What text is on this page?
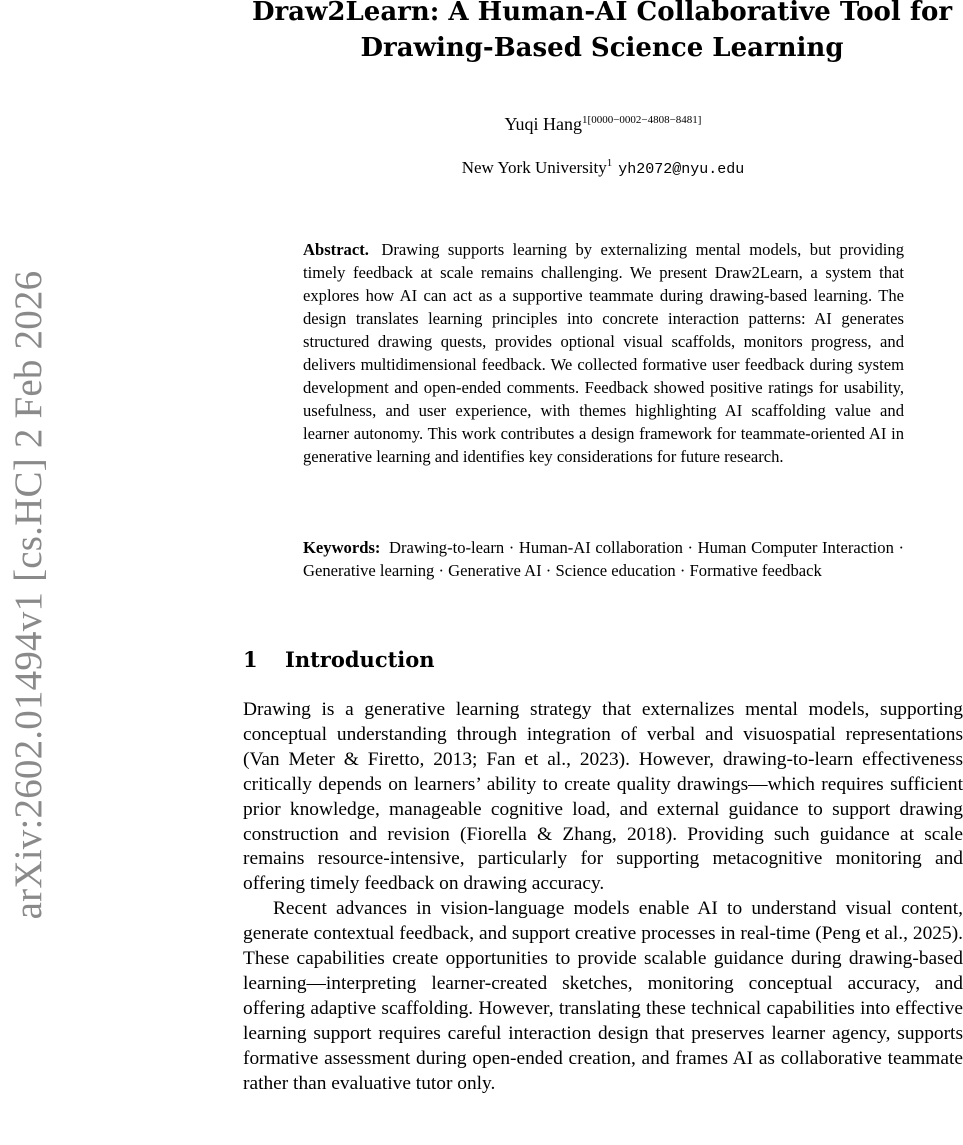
arXiv:2602.01494v1 [cs.HC] 2 Feb 2026
Draw2Learn: A Human-AI Collaborative Tool for Drawing-Based Science Learning
Yuqi Hang$^{1[0000-0002-4808-8481]}$
New York University$^1$ yh2072@nyu.edu
Abstract. Drawing supports learning by externalizing mental models, but providing timely feedback at scale remains challenging. We present Draw2Learn, a system that explores how AI can act as a supportive teammate during drawing-based learning. The design translates learning principles into concrete interaction patterns: AI generates structured drawing quests, provides optional visual scaffolds, monitors progress, and delivers multidimensional feedback. We collected formative user feedback during system development and open-ended comments. Feedback showed positive ratings for usability, usefulness, and user experience, with themes highlighting AI scaffolding value and learner autonomy. This work contributes a design framework for teammate-oriented AI in generative learning and identifies key considerations for future research.
Keywords: Drawing-to-learn · Human-AI collaboration · Human Computer Interaction · Generative learning · Generative AI · Science education · Formative feedback
1 Introduction

Drawing is a generative learning strategy that externalizes mental models, supporting conceptual understanding through integration of verbal and visuospatial representations (Van Meter & Firetto, 2013; Fan et al., 2023). However, drawing-to-learn effectiveness critically depends on learners’ ability to create quality drawings—which requires sufficient prior knowledge, manageable cognitive load, and external guidance to support drawing construction and revision (Fiorella & Zhang, 2018). Providing such guidance at scale remains resource-intensive, particularly for supporting metacognitive monitoring and offering timely feedback on drawing accuracy.

Recent advances in vision-language models enable AI to understand visual content, generate contextual feedback, and support creative processes in real-time (Peng et al., 2025). These capabilities create opportunities to provide scalable guidance during drawing-based learning—interpreting learner-created sketches, monitoring conceptual accuracy, and offering adaptive scaffolding. However, translating these technical capabilities into effective learning support requires careful interaction design that preserves learner agency, supports formative assessment during open-ended creation, and frames AI as collaborative teammate rather than evaluative tutor only.
